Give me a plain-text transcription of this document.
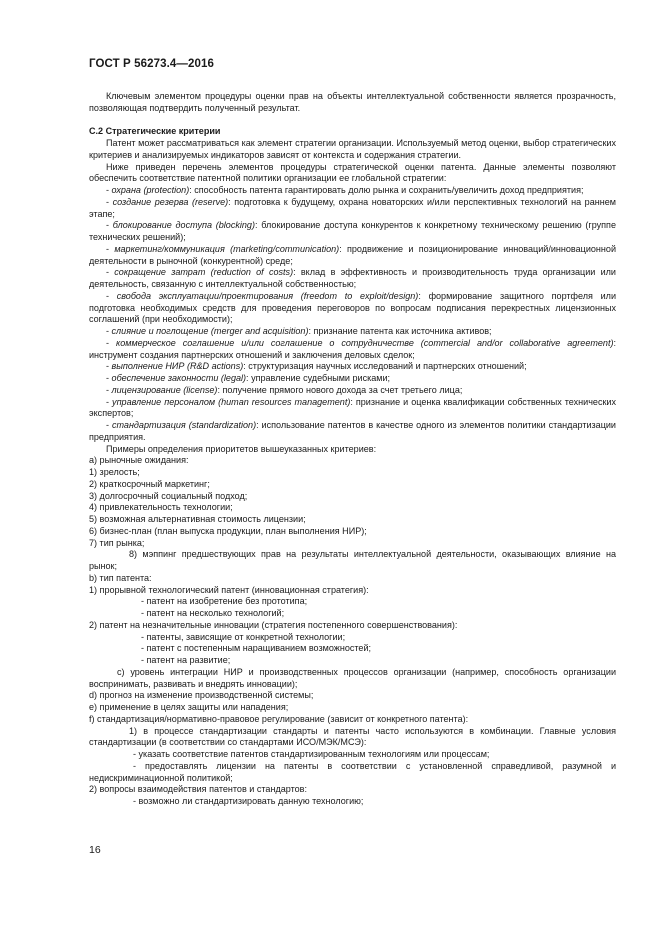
ГОСТ Р 56273.4—2016

Ключевым элементом процедуры оценки прав на объекты интеллектуальной собственности является прозрачность, позволяющая подтвердить полученный результат.

С.2 Стратегические критерии

Патент может рассматриваться как элемент стратегии организации. Используемый метод оценки, выбор стратегических критериев и анализируемых индикаторов зависят от контекста и содержания стратегии.

Ниже приведен перечень элементов процедуры стратегической оценки патента. Данные элементы позволяют обеспечить соответствие патентной политики организации ее глобальной стратегии:

- охрана (protection): способность патента гарантировать долю рынка и сохранить/увеличить доход предприятия;

- создание резерва (reserve): подготовка к будущему, охрана новаторских и/или перспективных технологий на раннем этапе;

- блокирование доступа (blocking): блокирование доступа конкурентов к конкретному техническому решению (группе технических решений);

- маркетинг/коммуникация (marketing/communication): продвижение и позиционирование инноваций/инновационной деятельности в рыночной (конкурентной) среде;

- сокращение затрат (reduction of costs): вклад в эффективность и производительность труда организации или деятельность, связанную с интеллектуальной собственностью;

- свобода эксплуатации/проектирования (freedom to exploit/design): формирование защитного портфеля или подготовка необходимых средств для проведения переговоров по вопросам подписания перекрестных лицензионных соглашений (при необходимости);

- слияние и поглощение (merger and acquisition): признание патента как источника активов;

- коммерческое соглашение и/или соглашение о сотрудничестве (commercial and/or collaborative agreement): инструмент создания партнерских отношений и заключения деловых сделок;

- выполнение НИР (R&D actions): структуризация научных исследований и партнерских отношений;

- обеспечение законности (legal): управление судебными рисками;

- лицензирование (license): получение прямого нового дохода за счет третьего лица;

- управление персоналом (human resources management): признание и оценка квалификации собственных технических экспертов;

- стандартизация (standardization): использование патентов в качестве одного из элементов политики стандартизации предприятия.

Примеры определения приоритетов вышеуказанных критериев:

а) рыночные ожидания:

1) зрелость;

2) краткосрочный маркетинг;

3) долгосрочный социальный подход;

4) привлекательность технологии;

5) возможная альтернативная стоимость лицензии;

6) бизнес-план (план выпуска продукции, план выполнения НИР);

7) тип рынка;

8) мэппинг предшествующих прав на результаты интеллектуальной деятельности, оказывающих влияние на рынок;

b) тип патента:

1) прорывной технологический патент (инновационная стратегия):

- патент на изобретение без прототипа;

- патент на несколько технологий;

2) патент на незначительные инновации (стратегия постепенного совершенствования):

- патенты, зависящие от конкретной технологии;

- патент с постепенным наращиванием возможностей;

- патент на развитие;

с) уровень интеграции НИР и производственных процессов организации (например, способность организации воспринимать, развивать и внедрять инновации);

d) прогноз на изменение производственной системы;

е) применение в целях защиты или нападения;

f) стандартизация/нормативно-правовое регулирование (зависит от конкретного патента):

1) в процессе стандартизации стандарты и патенты часто используются в комбинации. Главные условия стандартизации (в соответствии со стандартами ИСО/МЭК/МСЭ):

- указать соответствие патентов стандартизированным технологиям или процессам;

- предоставлять лицензии на патенты в соответствии с установленной справедливой, разумной и недискриминационной политикой;

2) вопросы взаимодействия патентов и стандартов:

- возможно ли стандартизировать данную технологию;

16
